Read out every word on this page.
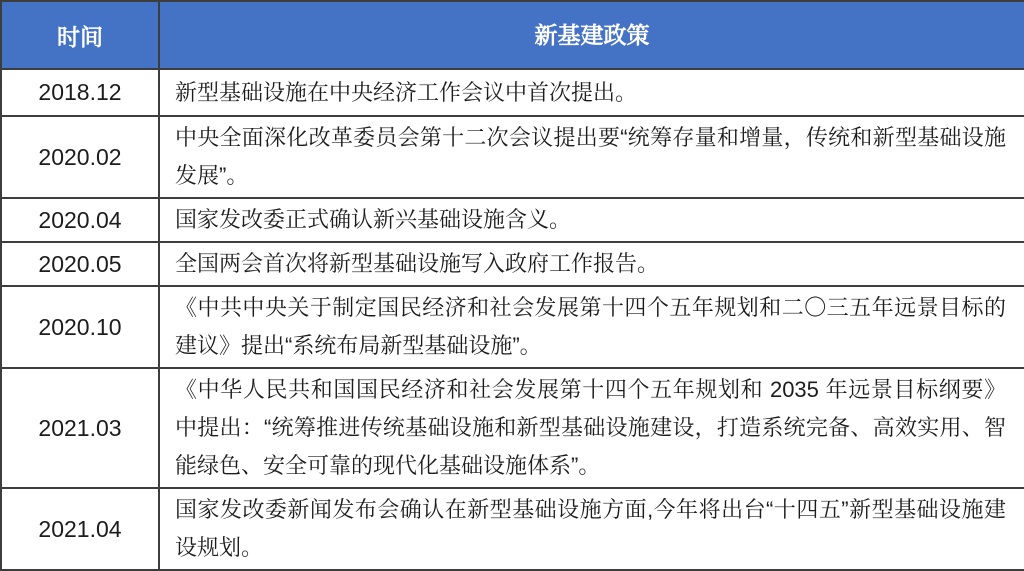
时间	新基建政策
2018.12	新型基础设施在中央经济工作会议中首次提出。
2020.02	中央全面深化改革委员会第十二次会议提出要“统筹存量和增量，传统和新型基础设施发展”。
2020.04	国家发改委正式确认新兴基础设施含义。
2020.05	全国两会首次将新型基础设施写入政府工作报告。
2020.10	《中共中央关于制定国民经济和社会发展第十四个五年规划和二〇三五年远景目标的建议》提出“系统布局新型基础设施”。
2021.03	《中华人民共和国国民经济和社会发展第十四个五年规划和 2035 年远景目标纲要》中提出：“统筹推进传统基础设施和新型基础设施建设，打造系统完备、高效实用、智能绿色、安全可靠的现代化基础设施体系”。
2021.04	国家发改委新闻发布会确认在新型基础设施方面,今年将出台“十四五”新型基础设施建设规划。
